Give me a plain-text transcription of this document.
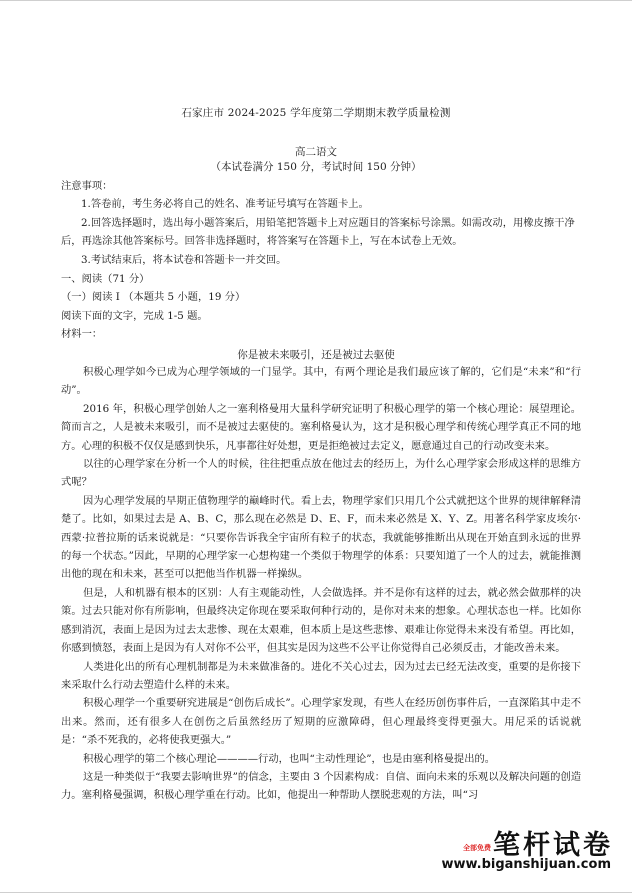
石家庄市 2024-2025 学年度第二学期期末教学质量检测
高二语文
（本试卷满分 150 分，考试时间 150 分钟）

注意事项：

1.答卷前，考生务必将自己的姓名、准考证号填写在答题卡上。

2.回答选择题时，选出每小题答案后，用铅笔把答题卡上对应题目的答案标号涂黑。如需改动，用橡皮擦干净后，再选涂其他答案标号。回答非选择题时，将答案写在答题卡上，写在本试卷上无效。

3.考试结束后，将本试卷和答题卡一并交回。

一、阅读（71 分）

（一）阅读 Ⅰ （本题共 5 小题，19 分）

阅读下面的文字，完成 1-5 题。

材料一：

你是被未来吸引，还是被过去驱使

积极心理学如今已成为心理学领域的一门显学。其中，有两个理论是我们最应该了解的，它们是“未来”和“行动”。

2016 年，积极心理学创始人之一塞利格曼用大量科学研究证明了积极心理学的第一个核心理论：展望理论。简而言之，人是被未来吸引，而不是被过去驱使的。塞利格曼认为，这才是积极心理学和传统心理学真正不同的地方。心理的积极不仅仅是感到快乐，凡事都往好处想，更是拒绝被过去定义，愿意通过自己的行动改变未来。

以往的心理学家在分析一个人的时候，往往把重点放在他过去的经历上，为什么心理学家会形成这样的思维方式呢？

因为心理学发展的早期正值物理学的巅峰时代。看上去，物理学家们只用几个公式就把这个世界的规律解释清楚了。比如，如果过去是 A、B、C，那么现在必然是 D、E、F，而未来必然是 X、Y、Z。用著名科学家皮埃尔·西蒙·拉普拉斯的话来说就是：“只要你告诉我全宇宙所有粒子的状态，我就能够推断出从现在开始直到永远的世界的每一个状态。”因此，早期的心理学家一心想构建一个类似于物理学的体系：只要知道了一个人的过去，就能推测出他的现在和未来，甚至可以把他当作机器一样操纵。

但是，人和机器有根本的区别：人有主观能动性，人会做选择。并不是你有这样的过去，就必然会做那样的决策。过去只能对你有所影响，但最终决定你现在要采取何种行动的，是你对未来的想象。心理状态也一样。比如你感到消沉，表面上是因为过去太悲惨、现在太艰难，但本质上是这些悲惨、艰难让你觉得未来没有希望。再比如，你感到愤怒，表面上是因为有人对你不公平，但其实是因为这些不公平让你觉得自己必须反击，才能改善未来。

人类进化出的所有心理机制都是为未来做准备的。进化不关心过去，因为过去已经无法改变，重要的是你接下来采取什么行动去塑造什么样的未来。

积极心理学一个重要研究进展是“创伤后成长”。心理学家发现，有些人在经历创伤事件后，一直深陷其中走不出来。然而，还有很多人在创伤之后虽然经历了短期的应激障碍，但心理最终变得更强大。用尼采的话说就是：“杀不死我的，必将使我更强大。”

积极心理学的第二个核心理论————行动，也叫“主动性理论”，也是由塞利格曼提出的。

这是一种类似于“我要去影响世界”的信念，主要由 3 个因素构成：自信、面向未来的乐观以及解决问题的创造力。塞利格曼强调，积极心理学重在行动。比如，他提出一种帮助人摆脱悲观的方法，叫“习

全部免费 笔杆试卷
www.biganshijuan.com
